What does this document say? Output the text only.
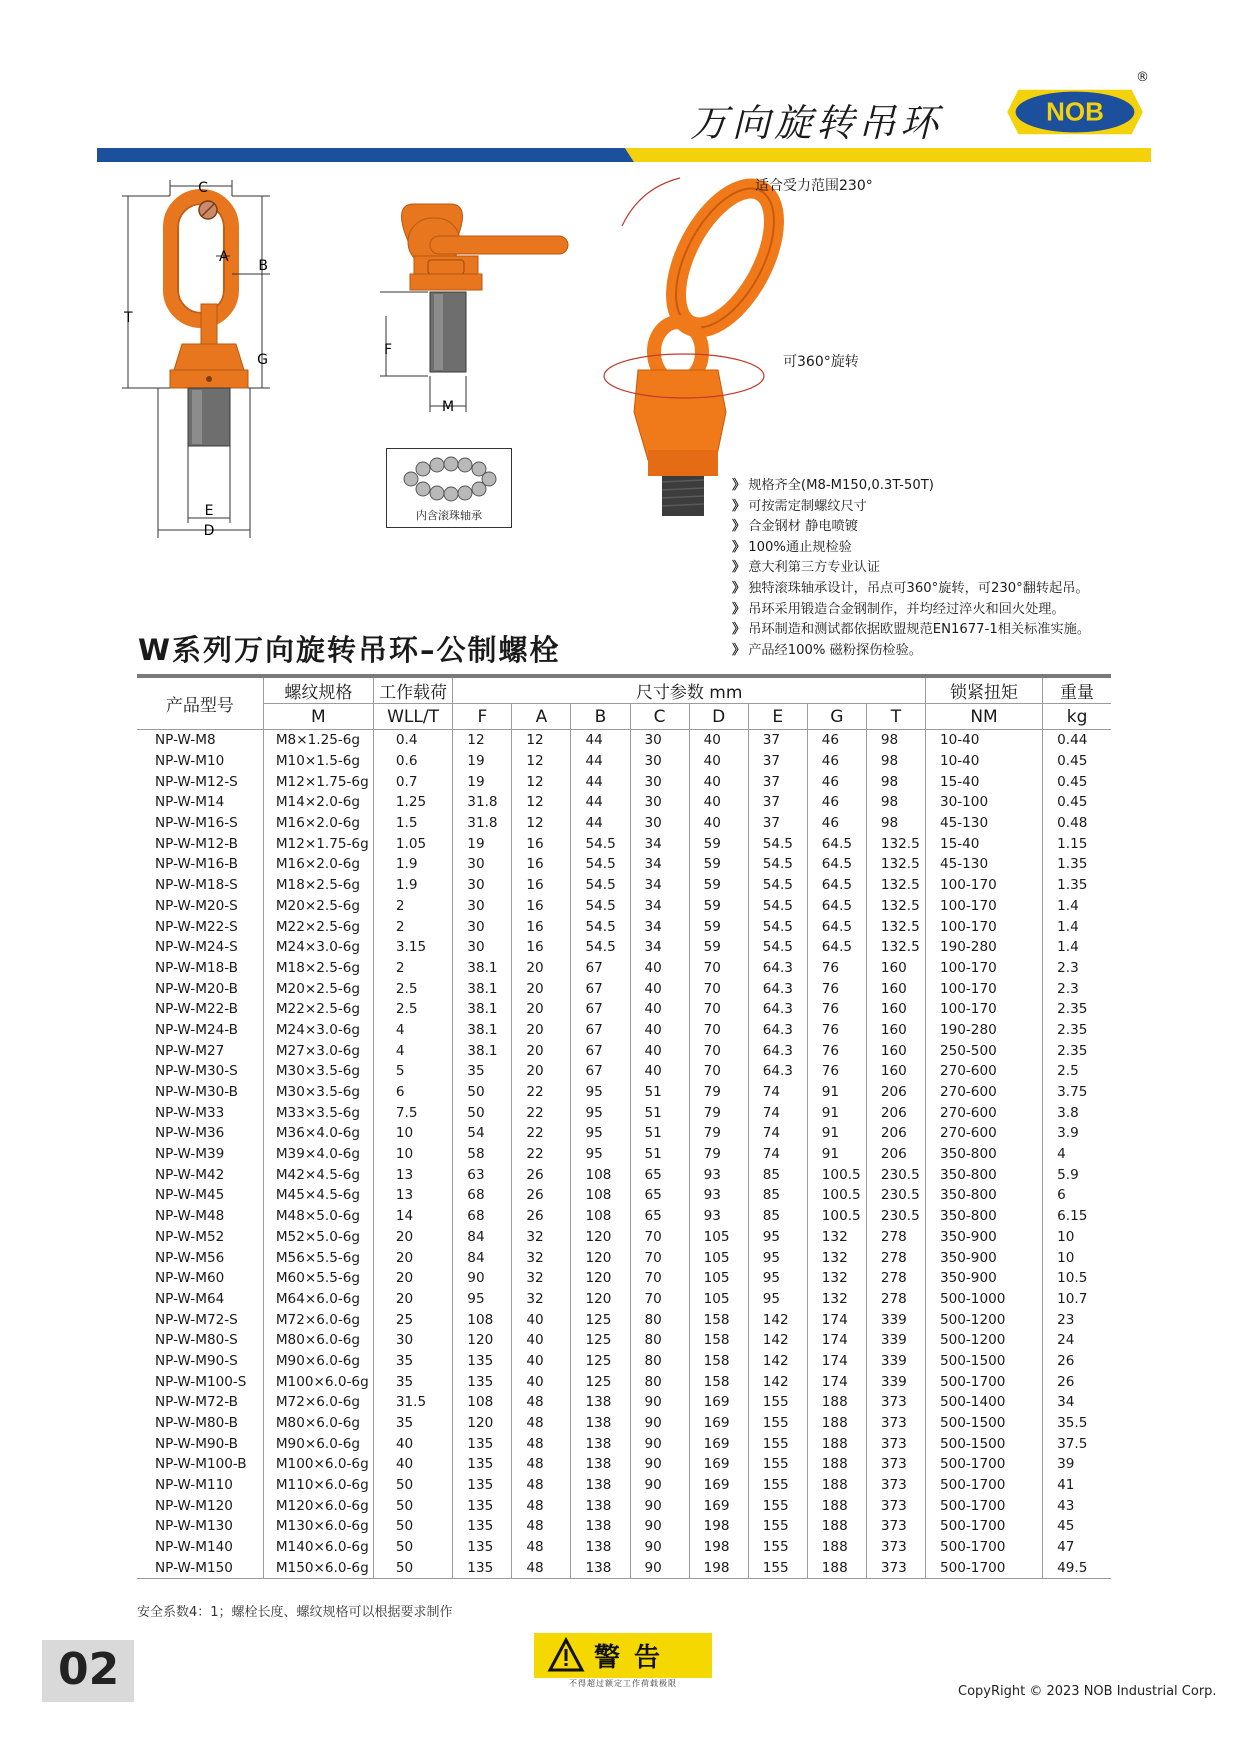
万向旋转吊环	NOB
®
C
T
A
B
G
E
D
F
M
内含滚珠轴承
适合受力范围230°
可360°旋转
》 规格齐全(M8-M150,0.3T-50T)
》 可按需定制螺纹尺寸
》 合金钢材 静电喷镀
》 100%通止规检验
》 意大利第三方专业认证
》 独特滚珠轴承设计，吊点可360°旋转，可230°翻转起吊。
》 吊环采用锻造合金钢制作，并均经过淬火和回火处理。
》 吊环制造和测试都依据欧盟规范EN1677-1相关标准实施。
》 产品经100% 磁粉探伤检验。
W系列万向旋转吊环–公制螺栓
产品型号	螺纹规格	工作载荷	尺寸参数 mm								锁紧扭矩	重量
	M	WLL/T	F	A	B	C	D	E	G	T	NM	kg
NP-W-M8	M8×1.25-6g	0.4	12	12	44	30	40	37	46	98	10-40	0.44
NP-W-M10	M10×1.5-6g	0.6	19	12	44	30	40	37	46	98	10-40	0.45
NP-W-M12-S	M12×1.75-6g	0.7	19	12	44	30	40	37	46	98	15-40	0.45
NP-W-M14	M14×2.0-6g	1.25	31.8	12	44	30	40	37	46	98	30-100	0.45
NP-W-M16-S	M16×2.0-6g	1.5	31.8	12	44	30	40	37	46	98	45-130	0.48
NP-W-M12-B	M12×1.75-6g	1.05	19	16	54.5	34	59	54.5	64.5	132.5	15-40	1.15
NP-W-M16-B	M16×2.0-6g	1.9	30	16	54.5	34	59	54.5	64.5	132.5	45-130	1.35
NP-W-M18-S	M18×2.5-6g	1.9	30	16	54.5	34	59	54.5	64.5	132.5	100-170	1.35
NP-W-M20-S	M20×2.5-6g	2	30	16	54.5	34	59	54.5	64.5	132.5	100-170	1.4
NP-W-M22-S	M22×2.5-6g	2	30	16	54.5	34	59	54.5	64.5	132.5	100-170	1.4
NP-W-M24-S	M24×3.0-6g	3.15	30	16	54.5	34	59	54.5	64.5	132.5	190-280	1.4
NP-W-M18-B	M18×2.5-6g	2	38.1	20	67	40	70	64.3	76	160	100-170	2.3
NP-W-M20-B	M20×2.5-6g	2.5	38.1	20	67	40	70	64.3	76	160	100-170	2.3
NP-W-M22-B	M22×2.5-6g	2.5	38.1	20	67	40	70	64.3	76	160	100-170	2.35
NP-W-M24-B	M24×3.0-6g	4	38.1	20	67	40	70	64.3	76	160	190-280	2.35
NP-W-M27	M27×3.0-6g	4	38.1	20	67	40	70	64.3	76	160	250-500	2.35
NP-W-M30-S	M30×3.5-6g	5	35	20	67	40	70	64.3	76	160	270-600	2.5
NP-W-M30-B	M30×3.5-6g	6	50	22	95	51	79	74	91	206	270-600	3.75
NP-W-M33	M33×3.5-6g	7.5	50	22	95	51	79	74	91	206	270-600	3.8
NP-W-M36	M36×4.0-6g	10	54	22	95	51	79	74	91	206	270-600	3.9
NP-W-M39	M39×4.0-6g	10	58	22	95	51	79	74	91	206	350-800	4
NP-W-M42	M42×4.5-6g	13	63	26	108	65	93	85	100.5	230.5	350-800	5.9
NP-W-M45	M45×4.5-6g	13	68	26	108	65	93	85	100.5	230.5	350-800	6
NP-W-M48	M48×5.0-6g	14	68	26	108	65	93	85	100.5	230.5	350-800	6.15
NP-W-M52	M52×5.0-6g	20	84	32	120	70	105	95	132	278	350-900	10
NP-W-M56	M56×5.5-6g	20	84	32	120	70	105	95	132	278	350-900	10
NP-W-M60	M60×5.5-6g	20	90	32	120	70	105	95	132	278	350-900	10.5
NP-W-M64	M64×6.0-6g	20	95	32	120	70	105	95	132	278	500-1000	10.7
NP-W-M72-S	M72×6.0-6g	25	108	40	125	80	158	142	174	339	500-1200	23
NP-W-M80-S	M80×6.0-6g	30	120	40	125	80	158	142	174	339	500-1200	24
NP-W-M90-S	M90×6.0-6g	35	135	40	125	80	158	142	174	339	500-1500	26
NP-W-M100-S	M100×6.0-6g	35	135	40	125	80	158	142	174	339	500-1700	26
NP-W-M72-B	M72×6.0-6g	31.5	108	48	138	90	169	155	188	373	500-1400	34
NP-W-M80-B	M80×6.0-6g	35	120	48	138	90	169	155	188	373	500-1500	35.5
NP-W-M90-B	M90×6.0-6g	40	135	48	138	90	169	155	188	373	500-1500	37.5
NP-W-M100-B	M100×6.0-6g	40	135	48	138	90	169	155	188	373	500-1700	39
NP-W-M110	M110×6.0-6g	50	135	48	138	90	169	155	188	373	500-1700	41
NP-W-M120	M120×6.0-6g	50	135	48	138	90	169	155	188	373	500-1700	43
NP-W-M130	M130×6.0-6g	50	135	48	138	90	198	155	188	373	500-1700	45
NP-W-M140	M140×6.0-6g	50	135	48	138	90	198	155	188	373	500-1700	47
NP-W-M150	M150×6.0-6g	50	135	48	138	90	198	155	188	373	500-1700	49.5
安全系数4：1；螺栓长度、螺纹规格可以根据要求制作
02	警告
不得超过额定工作荷载极限
CopyRight © 2023 NOB Industrial Corp.
